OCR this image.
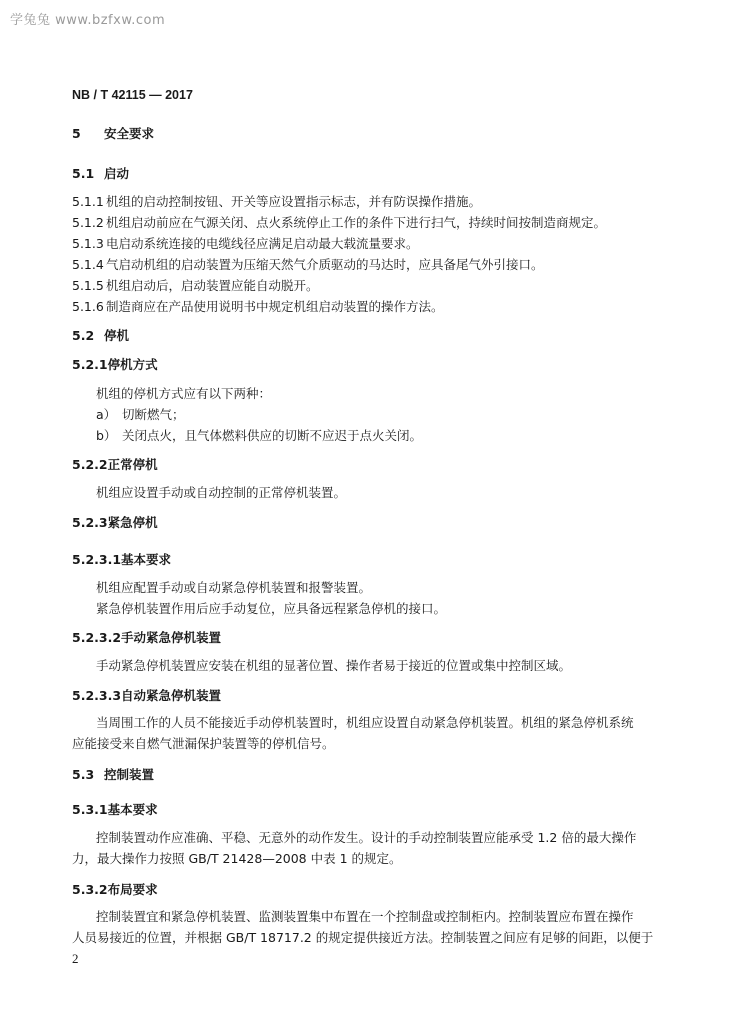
学兔兔 www.bzfxw.com
NB / T 42115 — 2017
5 安全要求
5.1 启动
5.1.1 机组的启动控制按钮、开关等应设置指示标志，并有防误操作措施。
5.1.2 机组启动前应在气源关闭、点火系统停止工作的条件下进行扫气，持续时间按制造商规定。
5.1.3 电启动系统连接的电缆线径应满足启动最大载流量要求。
5.1.4 气启动机组的启动装置为压缩天然气介质驱动的马达时，应具备尾气外引接口。
5.1.5 机组启动后，启动装置应能自动脱开。
5.1.6 制造商应在产品使用说明书中规定机组启动装置的操作方法。
5.2 停机
5.2.1停机方式
机组的停机方式应有以下两种：
a） 切断燃气；
b） 关闭点火，且气体燃料供应的切断不应迟于点火关闭。
5.2.2正常停机
机组应设置手动或自动控制的正常停机装置。
5.2.3紧急停机
5.2.3.1基本要求
机组应配置手动或自动紧急停机装置和报警装置。
紧急停机装置作用后应手动复位，应具备远程紧急停机的接口。
5.2.3.2手动紧急停机装置
手动紧急停机装置应安装在机组的显著位置、操作者易于接近的位置或集中控制区域。
5.2.3.3自动紧急停机装置
当周围工作的人员不能接近手动停机装置时，机组应设置自动紧急停机装置。机组的紧急停机系统
应能接受来自燃气泄漏保护装置等的停机信号。
5.3 控制装置
5.3.1基本要求
控制装置动作应准确、平稳、无意外的动作发生。设计的手动控制装置应能承受 1.2 倍的最大操作
力，最大操作力按照 GB/T 21428—2008 中表 1 的规定。
5.3.2布局要求
控制装置宜和紧急停机装置、监测装置集中布置在一个控制盘或控制柜内。控制装置应布置在操作
人员易接近的位置，并根据 GB/T 18717.2 的规定提供接近方法。控制装置之间应有足够的间距，以便于
2
